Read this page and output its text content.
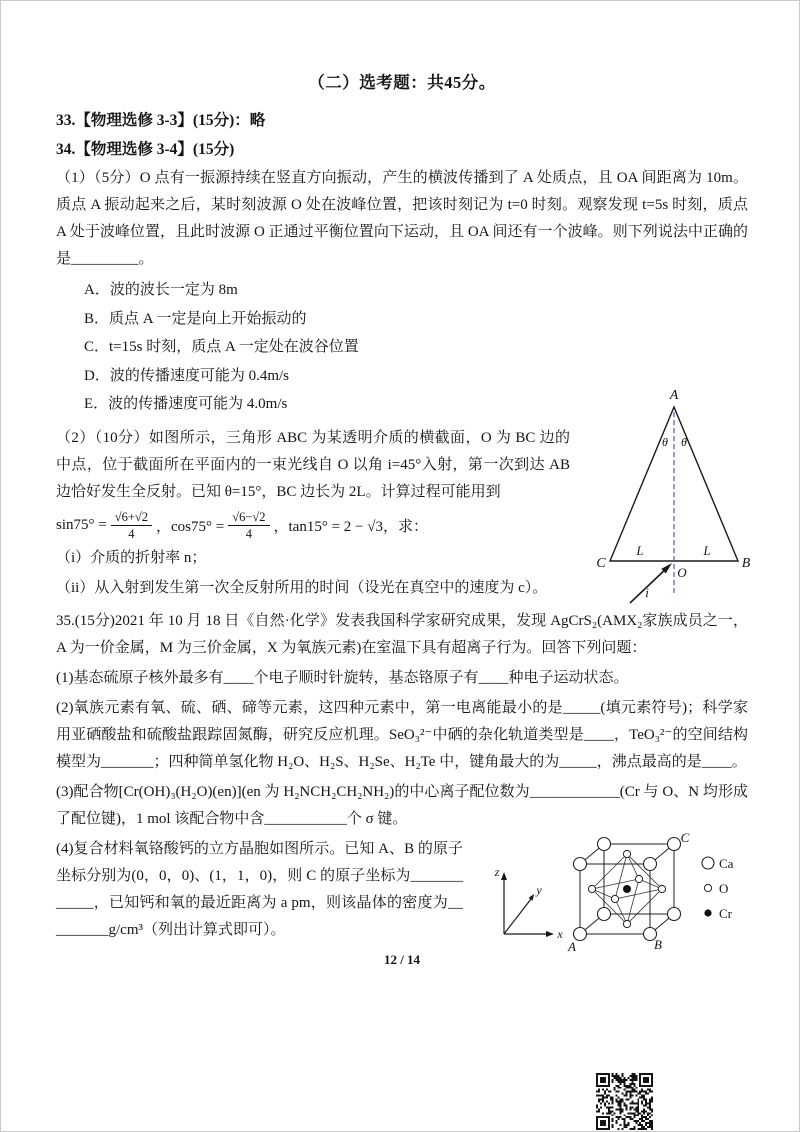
（二）选考题：共45分。
33.【物理选修 3-3】(15分)：略
34.【物理选修 3-4】(15分)

（1）（5分）O 点有一振源持续在竖直方向振动，产生的横波传播到了 A 处质点，且 OA 间距离为 10m。质点 A 振动起来之后，某时刻波源 O 处在波峰位置，把该时刻记为 t=0 时刻。观察发现 t=5s 时刻，质点 A 处于波峰位置，且此时波源 O 正通过平衡位置向下运动，且 OA 间还有一个波峰。则下列说法中正确的是_________。

A．波的波长一定为 8m
B．质点 A 一定是向上开始振动的
C．t=15s 时刻，质点 A 一定处在波谷位置
D．波的传播速度可能为 0.4m/s
E．波的传播速度可能为 4.0m/s

（2）（10分）如图所示，三角形 ABC 为某透明介质的横截面，O 为 BC 边的中点，位于截面所在平面内的一束光线自 O 以角 i=45°入射，第一次到达 AB 边恰好发生全反射。已知 θ=15°，BC 边长为 2L。计算过程可能用到

$\sin 75^\circ = \frac{√6+√2}{4}$ ，$\cos 75^\circ = \frac{√6-√2}{4}$ ，tan15° = 2 − √3，求：

（i）介质的折射率 n；

（ii）从入射到发生第一次全反射所用的时间（设光在真空中的速度为 c）。

A
θ θ
L	L
C	B
O
i

35.(15分)2021 年 10 月 18 日《自然·化学》发表我国科学家研究成果，发现 AgCrS₂(AMX₂家族成员之一，A 为一价金属，M 为三价金属，X 为氧族元素)在室温下具有超离子行为。回答下列问题：

(1)基态硫原子核外最多有____个电子顺时针旋转，基态铬原子有____种电子运动状态。

(2)氧族元素有氧、硫、硒、碲等元素，这四种元素中，第一电离能最小的是_____(填元素符号)；科学家用亚硒酸盐和硫酸盐跟踪固氮酶，研究反应机理。SeO₃²⁻中硒的杂化轨道类型是____，TeO₃²⁻的空间结构模型为_______；四种简单氢化物 H₂O、H₂S、H₂Se、H₂Te 中，键角最大的为_____，沸点最高的是____。

(3)配合物[Cr(OH)₃(H₂O)(en)](en 为 H₂NCH₂CH₂NH₂)的中心离子配位数为____________(Cr 与 O、N 均形成了配位键)，1 mol 该配合物中含___________个 σ 键。

(4)复合材料氧铬酸钙的立方晶胞如图所示。已知 A、B 的原子坐标分别为(0，0，0)、(1，1，0)，则 C 的原子坐标为____________，已知钙和氧的最近距离为 a pm，则该晶体的密度为_________g/cm³（列出计算式即可）。

z
y
x
A	B
C
Ca
O
Cr
12 / 14
